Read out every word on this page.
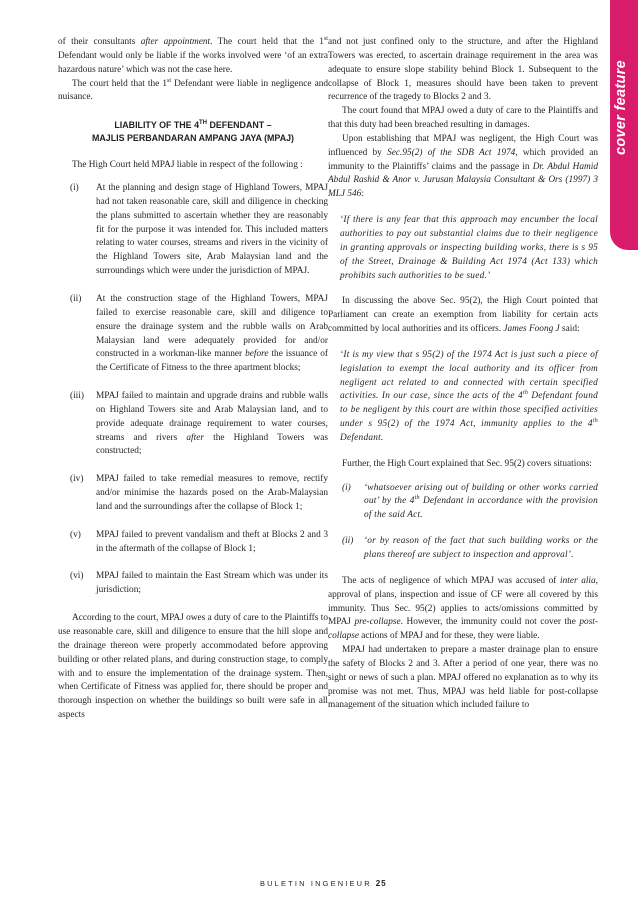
cover feature

of their consultants after appointment. The court held that the 1st Defendant would only be liable if the works involved were ‘of an extra hazardous nature’ which was not the case here.

The court held that the 1st Defendant were liable in negligence and nuisance.

LIABILITY OF THE 4TH DEFENDANT –
MAJLIS PERBANDARAN AMPANG JAYA (MPAJ)

The High Court held MPAJ liable in respect of the following :

(i)	At the planning and design stage of Highland Towers, MPAJ had not taken reasonable care, skill and diligence in checking the plans submitted to ascertain whether they are reasonably fit for the purpose it was intended for. This included matters relating to water courses, streams and rivers in the vicinity of the Highland Towers site, Arab Malaysian land and the surroundings which were under the jurisdiction of MPAJ.
(ii)	At the construction stage of the Highland Towers, MPAJ failed to exercise reasonable care, skill and diligence to ensure the drainage system and the rubble walls on Arab Malaysian land were adequately provided for and/or constructed in a workman-like manner before the issuance of the Certificate of Fitness to the three apartment blocks;
(iii)	MPAJ failed to maintain and upgrade drains and rubble walls on Highland Towers site and Arab Malaysian land, and to provide adequate drainage requirement to water courses, streams and rivers after the Highland Towers was constructed;
(iv)	MPAJ failed to take remedial measures to remove, rectify and/or minimise the hazards posed on the Arab-Malaysian land and the surroundings after the collapse of Block 1;
(v)	MPAJ failed to prevent vandalism and theft at Blocks 2 and 3 in the aftermath of the collapse of Block 1;
(vi)	MPAJ failed to maintain the East Stream which was under its jurisdiction;

According to the court, MPAJ owes a duty of care to the Plaintiffs to use reasonable care, skill and diligence to ensure that the hill slope and the drainage thereon were properly accommodated before approving building or other related plans, and during construction stage, to comply with and to ensure the implementation of the drainage system. Then, when Certificate of Fitness was applied for, there should be proper and thorough inspection on whether the buildings so built were safe in all aspects

and not just confined only to the structure, and after the Highland Towers was erected, to ascertain drainage requirement in the area was adequate to ensure slope stability behind Block 1. Subsequent to the collapse of Block 1, measures should have been taken to prevent recurrence of the tragedy to Blocks 2 and 3.

The court found that MPAJ owed a duty of care to the Plaintiffs and that this duty had been breached resulting in damages.

Upon establishing that MPAJ was negligent, the High Court was influenced by Sec.95(2) of the SDB Act 1974, which provided an immunity to the Plaintiffs’ claims and the passage in Dr. Abdul Hamid Abdul Rashid & Anor v. Jurusan Malaysia Consultant & Ors (1997) 3 MLJ 546:

‘If there is any fear that this approach may encumber the local authorities to pay out substantial claims due to their negligence in granting approvals or inspecting building works, there is s 95 of the Street, Drainage & Building Act 1974 (Act 133) which prohibits such authorities to be sued.’

In discussing the above Sec. 95(2), the High Court pointed that Parliament can create an exemption from liability for certain acts committed by local authorities and its officers. James Foong J said:

‘It is my view that s 95(2) of the 1974 Act is just such a piece of legislation to exempt the local authority and its officer from negligent act related to and connected with certain specified activities. In our case, since the acts of the 4th Defendant found to be negligent by this court are within those specified activities under s 95(2) of the 1974 Act, immunity applies to the 4th Defendant.

Further, the High Court explained that Sec. 95(2) covers situations:

(i)	‘whatsoever arising out of building or other works carried out’ by the 4th Defendant in accordance with the provision of the said Act.
(ii)	‘or by reason of the fact that such building works or the plans thereof are subject to inspection and approval’.

The acts of negligence of which MPAJ was accused of inter alia, approval of plans, inspection and issue of CF were all covered by this immunity. Thus Sec. 95(2) applies to acts/omissions committed by MPAJ pre-collapse. However, the immunity could not cover the post- collapse actions of MPAJ and for these, they were liable.

MPAJ had undertaken to prepare a master drainage plan to ensure the safety of Blocks 2 and 3. After a period of one year, there was no sight or news of such a plan. MPAJ offered no explanation as to why its promise was not met. Thus, MPAJ was held liable for post-collapse management of the situation which included failure to

BULETIN INGENIEUR 25
